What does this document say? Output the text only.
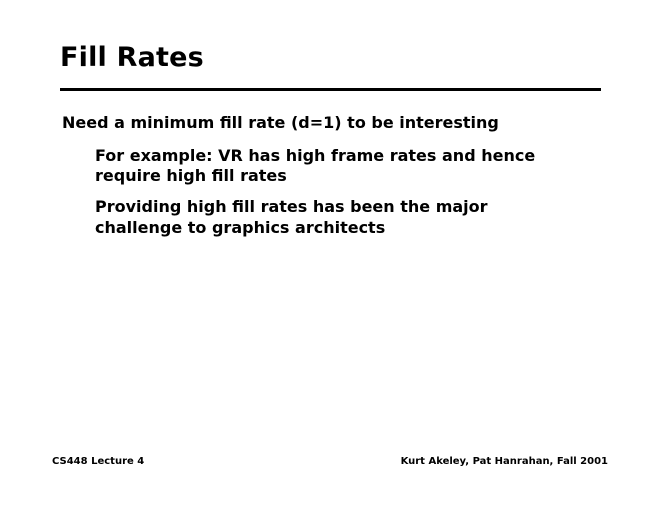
Fill Rates

Need a minimum fill rate (d=1) to be interesting

For example: VR has high frame rates and hence require high fill rates

Providing high fill rates has been the major challenge to graphics architects

CS448 Lecture 4	Kurt Akeley, Pat Hanrahan, Fall 2001
